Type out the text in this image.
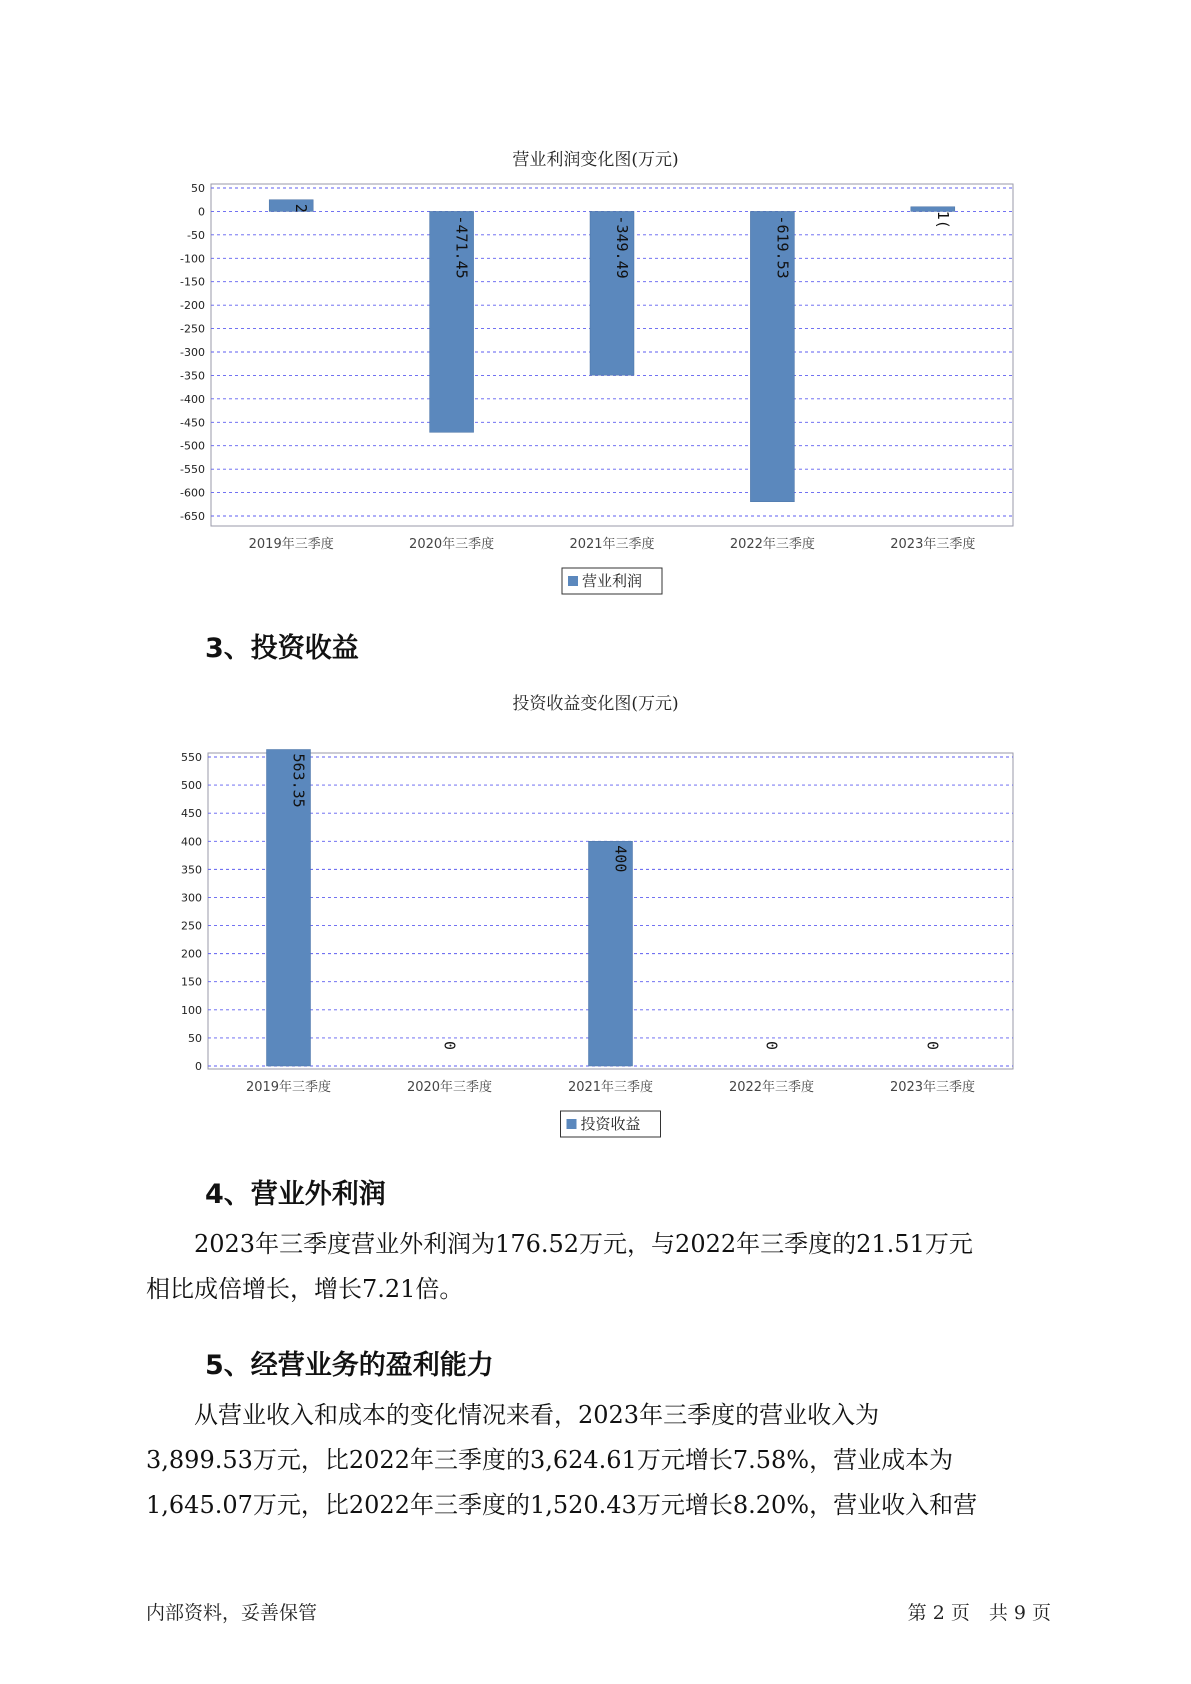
营业利润变化图(万元)
50
0
-50
-100
-150
-200
-250
-300
-350
-400
-450
-500
-550
-600
-650
2
2019年三季度
-471.45
2020年三季度
-349.49
2021年三季度
-619.53
2022年三季度
1(
2023年三季度
营业利润
3、投资收益
投资收益变化图(万元)
550
500
450
400
350
300
250
200
150
100
50
0
563.35
2019年三季度
0
2020年三季度
400
2021年三季度
0
2022年三季度
0
2023年三季度
投资收益
4、营业外利润

　　2023年三季度营业外利润为176.52万元，与2022年三季度的21.51万元

相比成倍增长，增长7.21倍。

5、经营业务的盈利能力

　　从营业收入和成本的变化情况来看，2023年三季度的营业收入为

3,899.53万元，比2022年三季度的3,624.61万元增长7.58%，营业成本为

1,645.07万元，比2022年三季度的1,520.43万元增长8.20%，营业收入和营

内部资料，妥善保管	第 2 页　共 9 页
